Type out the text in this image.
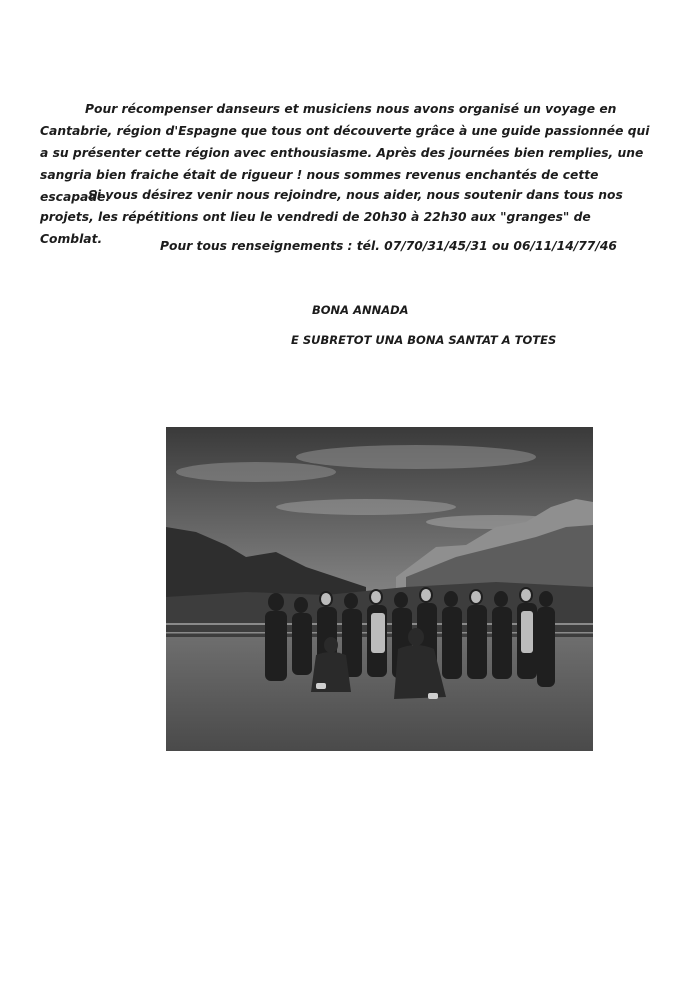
Pour récompenser danseurs et musiciens nous avons organisé un voyage en Cantabrie, région d'Espagne que tous ont découverte grâce à une guide passionnée qui a su présenter cette région avec enthousiasme. Après des journées bien remplies, une sangria bien fraiche était de rigueur ! nous sommes revenus enchantés de cette escapade.

Si vous désirez venir nous rejoindre, nous aider, nous soutenir dans tous nos projets, les répétitions ont lieu le vendredi de 20h30 à 22h30 aux "granges" de Comblat.	Pour tous renseignements : tél. 07/70/31/45/31 ou 06/11/14/77/46
BONA ANNADA
E SUBRETOT UNA BONA SANTAT A TOTES
